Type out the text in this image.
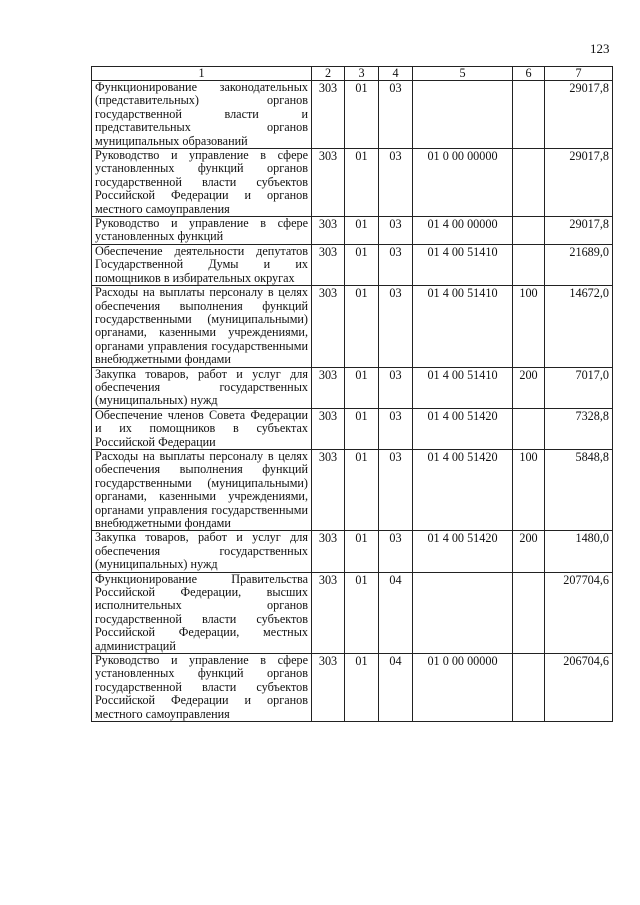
123
1	2	3	4	5	6	7
Функционирование законодательных (представительных) органов государственной власти и представительных органов муниципальных образований	303	01	03			29017,8
Руководство и управление в сфере установленных функций органов государственной власти субъектов Российской Федерации и органов местного самоуправления	303	01	03	01 0 00 00000		29017,8
Руководство и управление в сфере установленных функций	303	01	03	01 4 00 00000		29017,8
Обеспечение деятельности депутатов Государственной Думы и их помощников в избирательных округах	303	01	03	01 4 00 51410		21689,0
Расходы на выплаты персоналу в целях обеспечения выполнения функций государственными (муниципальными) органами, казенными учреждениями, органами управления государственными внебюджетными фондами	303	01	03	01 4 00 51410	100	14672,0
Закупка товаров, работ и услуг для обеспечения государственных (муниципальных) нужд	303	01	03	01 4 00 51410	200	7017,0
Обеспечение членов Совета Федерации и их помощников в субъектах Российской Федерации	303	01	03	01 4 00 51420		7328,8
Расходы на выплаты персоналу в целях обеспечения выполнения функций государственными (муниципальными) органами, казенными учреждениями, органами управления государственными внебюджетными фондами	303	01	03	01 4 00 51420	100	5848,8
Закупка товаров, работ и услуг для обеспечения государственных (муниципальных) нужд	303	01	03	01 4 00 51420	200	1480,0
Функционирование Правительства Российской Федерации, высших исполнительных органов государственной власти субъектов Российской Федерации, местных администраций	303	01	04			207704,6
Руководство и управление в сфере установленных функций органов государственной власти субъектов Российской Федерации и органов местного самоуправления	303	01	04	01 0 00 00000		206704,6
